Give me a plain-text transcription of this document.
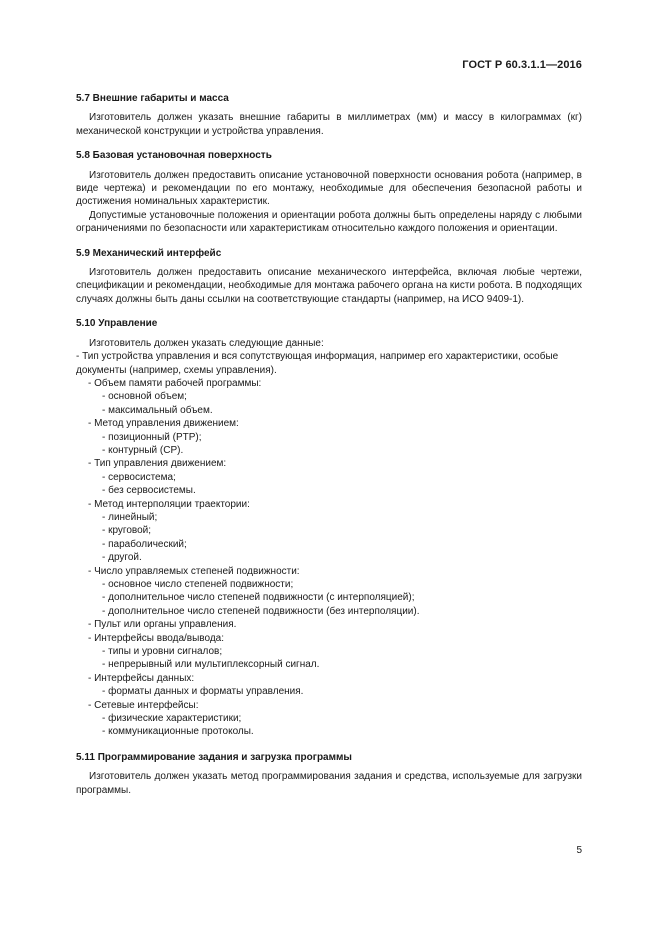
ГОСТ Р 60.3.1.1—2016
5.7 Внешние габариты и масса

Изготовитель должен указать внешние габариты в миллиметрах (мм) и массу в килограммах (кг) механической конструкции и устройства управления.

5.8 Базовая установочная поверхность

Изготовитель должен предоставить описание установочной поверхности основания робота (например, в виде чертежа) и рекомендации по его монтажу, необходимые для обеспечения безопасной работы и достижения номинальных характеристик.

Допустимые установочные положения и ориентации робота должны быть определены наряду с любыми ограничениями по безопасности или характеристикам относительно каждого положения и ориентации.

5.9 Механический интерфейс

Изготовитель должен предоставить описание механического интерфейса, включая любые чертежи, спецификации и рекомендации, необходимые для монтажа рабочего органа на кисти робота. В подходящих случаях должны быть даны ссылки на соответствующие стандарты (например, на ИСО 9409-1).

5.10 Управление

Изготовитель должен указать следующие данные:

- Тип устройства управления и вся сопутствующая информация, например его характеристики, особые документы (например, схемы управления).

- Объем памяти рабочей программы:

- основной объем;

- максимальный объем.

- Метод управления движением:

- позиционный (PTP);

- контурный (CP).

- Тип управления движением:

- сервосистема;

- без сервосистемы.

- Метод интерполяции траектории:

- линейный;

- круговой;

- параболический;

- другой.

- Число управляемых степеней подвижности:

- основное число степеней подвижности;

- дополнительное число степеней подвижности (с интерполяцией);

- дополнительное число степеней подвижности (без интерполяции).

- Пульт или органы управления.

- Интерфейсы ввода/вывода:

- типы и уровни сигналов;

- непрерывный или мультиплексорный сигнал.

- Интерфейсы данных:

- форматы данных и форматы управления.

- Сетевые интерфейсы:

- физические характеристики;

- коммуникационные протоколы.

5.11 Программирование задания и загрузка программы

Изготовитель должен указать метод программирования задания и средства, используемые для загрузки программы.

5
